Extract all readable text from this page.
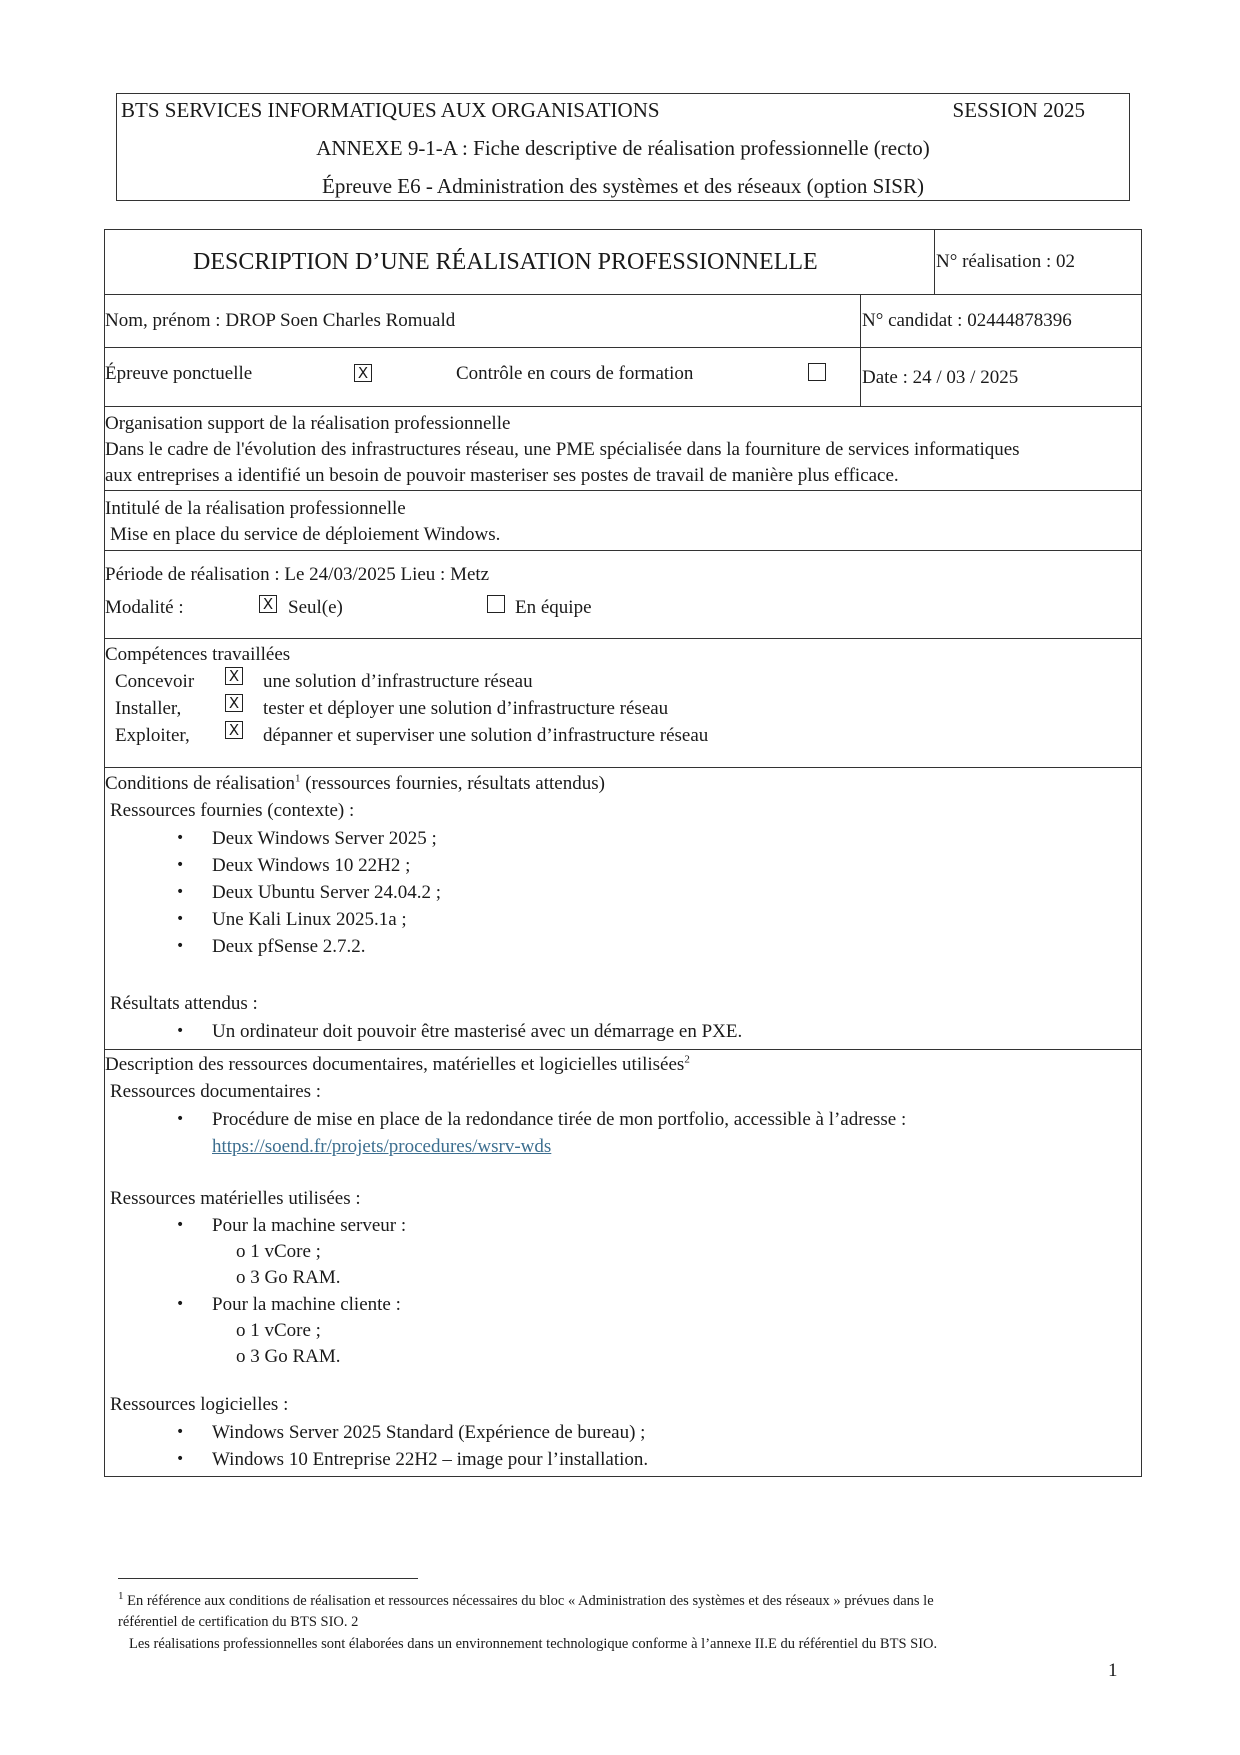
BTS SERVICES INFORMATIQUES AUX ORGANISATIONS	SESSION 2025
ANNEXE 9-1-A : Fiche descriptive de réalisation professionnelle (recto)
Épreuve E6 - Administration des systèmes et des réseaux (option SISR)
DESCRIPTION D’UNE RÉALISATION PROFESSIONNELLE	N° réalisation : 02
Nom, prénom : DROP Soen Charles Romuald	N° candidat : 02444878396
Épreuve ponctuelle	X	Contrôle en cours de formation	Date : 24 / 03 / 2025
Organisation support de la réalisation professionnelle
Dans le cadre de l'évolution des infrastructures réseau, une PME spécialisée dans la fourniture de services informatiques
aux entreprises a identifié un besoin de pouvoir masteriser ses postes de travail de manière plus efficace.
Intitulé de la réalisation professionnelle
Mise en place du service de déploiement Windows.
Période de réalisation : Le 24/03/2025 Lieu : Metz
Modalité :	X Seul(e)	En équipe
Compétences travaillées
Concevoir X une solution d’infrastructure réseau
Installer,	X tester et déployer une solution d’infrastructure réseau
Exploiter,	X dépanner et superviser une solution d’infrastructure réseau
Conditions de réalisation$^1$ (ressources fournies, résultats attendus)
Ressources fournies (contexte) :
• Deux Windows Server 2025 ;
• Deux Windows 10 22H2 ;
• Deux Ubuntu Server 24.04.2 ;
• Une Kali Linux 2025.1a ;
• Deux pfSense 2.7.2.
Résultats attendus :
• Un ordinateur doit pouvoir être masterisé avec un démarrage en PXE.
Description des ressources documentaires, matérielles et logicielles utilisées$^2$
Ressources documentaires :
• Procédure de mise en place de la redondance tirée de mon portfolio, accessible à l’adresse :
https://soend.fr/projets/procedures/wsrv-wds
Ressources matérielles utilisées :
• Pour la machine serveur :
o 1 vCore ;
o 3 Go RAM.
• Pour la machine cliente :
o 1 vCore ;
o 3 Go RAM.
Ressources logicielles :
• Windows Server 2025 Standard (Expérience de bureau) ;
• Windows 10 Entreprise 22H2 – image pour l’installation.
$^1$ En référence aux conditions de réalisation et ressources nécessaires du bloc « Administration des systèmes et des réseaux » prévues dans le
référentiel de certification du BTS SIO. 2
Les réalisations professionnelles sont élaborées dans un environnement technologique conforme à l’annexe II.E du référentiel du BTS SIO.
1
